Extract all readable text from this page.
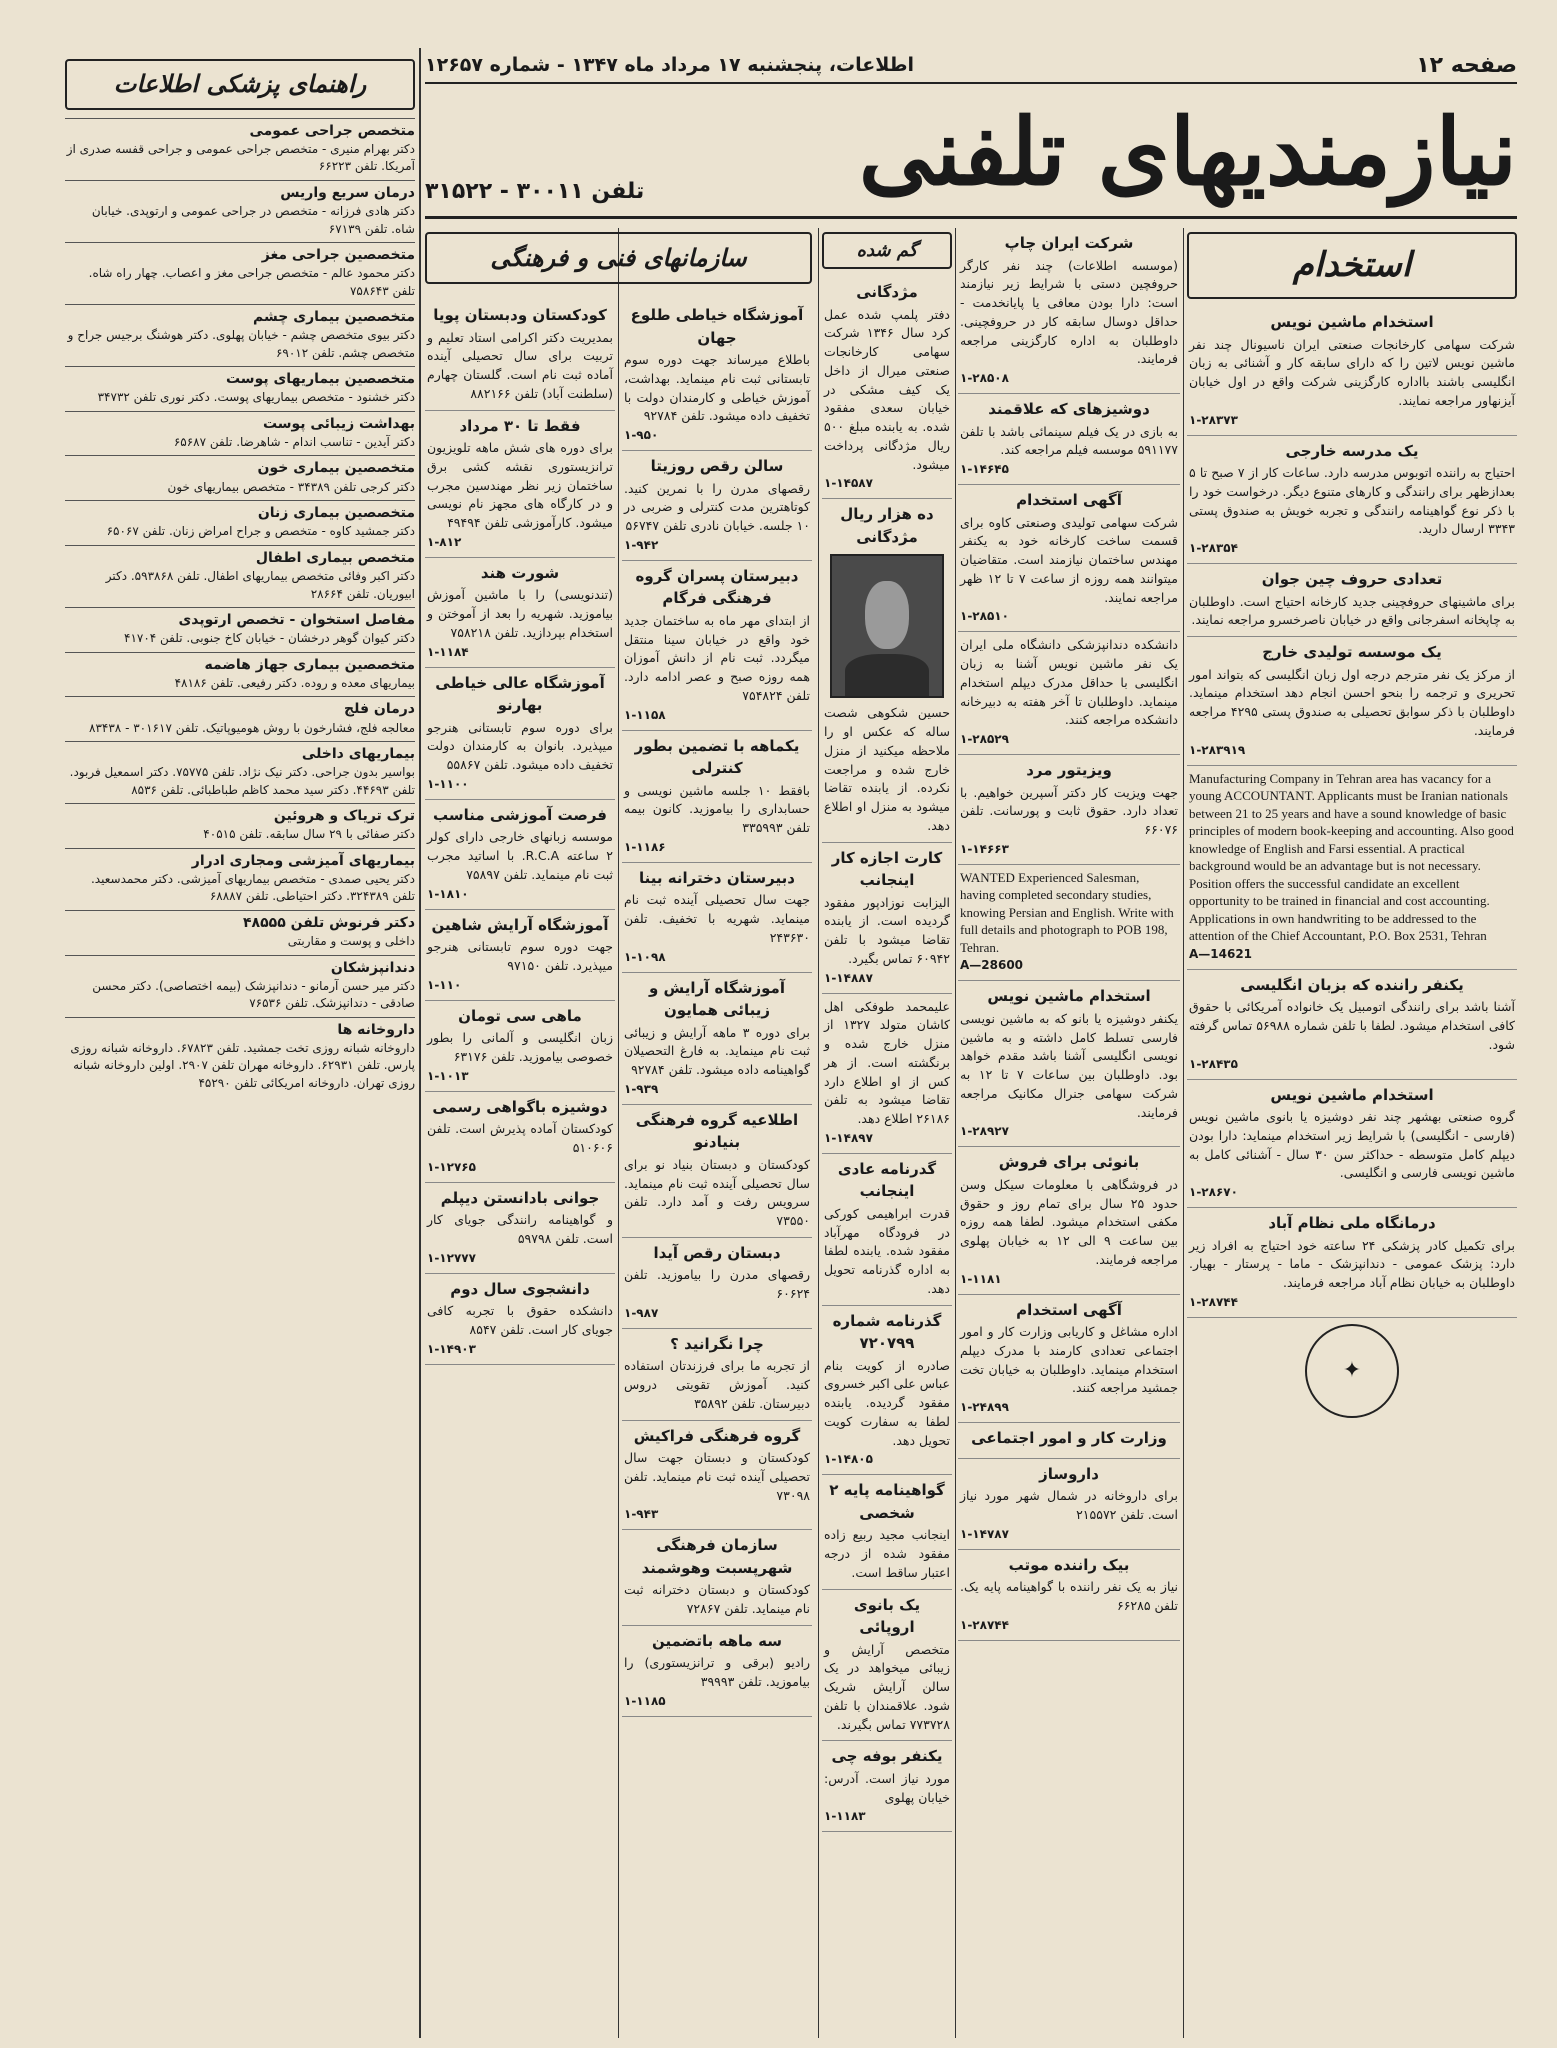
صفحه ۱۲
اطلاعات، پنجشنبه ۱۷ مرداد ماه ۱۳۴۷ - شماره ۱۲۶۵۷
نیازمندیهای تلفنی
تلفن ۳۰۰۱۱ - ۳۱۵۲۲
استخدام
استخدام ماشین نویس

شرکت سهامی کارخانجات صنعتی ایران ناسیونال چند نفر ماشین نویس لاتین را که دارای سابقه کار و آشنائی به زبان انگلیسی باشند بااداره کارگزینی شرکت واقع در اول خیابان آیزنهاور مراجعه نمایند.

۱-۲۸۳۷۳

یک مدرسه خارجی

احتیاج به راننده اتوبوس مدرسه دارد. ساعات کار از ۷ صبح تا ۵ بعدازظهر برای رانندگی و کارهای متنوع دیگر. درخواست خود را با ذکر نوع گواهینامه رانندگی و تجربه خویش به صندوق پستی ۳۳۴۳ ارسال دارید.

۱-۲۸۳۵۴

تعدادی حروف چین جوان

برای ماشینهای حروفچینی جدید کارخانه احتیاج است. داوطلبان به چاپخانه اسفرجانی واقع در خیابان ناصرخسرو مراجعه نمایند.

یک موسسه تولیدی خارج

از مرکز یک نفر مترجم درجه اول زبان انگلیسی که بتواند امور تحریری و ترجمه را بنحو احسن انجام دهد استخدام مینماید. داوطلبان با ذکر سوابق تحصیلی به صندوق پستی ۴۲۹۵ مراجعه فرمایند.

۱-۲۸۳۹۱۹

Manufacturing Company in Tehran area has vacancy for a young ACCOUNTANT. Applicants must be Iranian nationals between 21 to 25 years and have a sound knowledge of basic principles of modern book-keeping and accounting. Also good knowledge of English and Farsi essential. A practical background would be an advantage but is not necessary. Position offers the successful candidate an excellent opportunity to be trained in financial and cost accounting. Applications in own handwriting to be addressed to the attention of the Chief Accountant, P.O. Box 2531, Tehran

A—14621

یکنفر راننده که بزبان انگلیسی

آشنا باشد برای رانندگی اتومبیل یک خانواده آمریکائی با حقوق کافی استخدام میشود. لطفا با تلفن شماره ۵۶۹۸۸ تماس گرفته شود.

۱-۲۸۴۳۵

استخدام ماشین نویس

گروه صنعتی بهشهر چند نفر دوشیزه یا بانوی ماشین نویس (فارسی - انگلیسی) با شرایط زیر استخدام مینماید: دارا بودن دیپلم کامل متوسطه - حداکثر سن ۳۰ سال - آشنائی کامل به ماشین نویسی فارسی و انگلیسی.

۱-۲۸۶۷۰

درمانگاه ملی نظام آباد

برای تکمیل کادر پزشکی ۲۴ ساعته خود احتیاج به افراد زیر دارد: پزشک عمومی - دندانپزشک - ماما - پرستار - بهیار. داوطلبان به خیابان نظام آباد مراجعه فرمایند.

۱-۲۸۷۴۴

✦
شرکت ایران چاپ

(موسسه اطلاعات) چند نفر کارگر حروفچین دستی با شرایط زیر نیازمند است: دارا بودن معافی یا پایانخدمت - حداقل دوسال سابقه کار در حروفچینی. داوطلبان به اداره کارگزینی مراجعه فرمایند.

۱-۲۸۵۰۸

دوشیزهای که علاقمند

به بازی در یک فیلم سینمائی باشد با تلفن ۵۹۱۱۷۷ موسسه فیلم مراجعه کند.

۱-۱۴۶۴۵

آگهی استخدام

شرکت سهامی تولیدی وصنعتی کاوه برای قسمت ساخت کارخانه خود به یکنفر مهندس ساختمان نیازمند است. متقاضیان میتوانند همه روزه از ساعت ۷ تا ۱۲ ظهر مراجعه نمایند.

۱-۲۸۵۱۰

دانشکده دندانپزشکی دانشگاه ملی ایران یک نفر ماشین نویس آشنا به زبان انگلیسی با حداقل مدرک دیپلم استخدام مینماید. داوطلبان تا آخر هفته به دبیرخانه دانشکده مراجعه کنند.

۱-۲۸۵۲۹

ویزیتور مرد

جهت ویزیت کار دکتر آسپرین خواهیم. با تعداد دارد. حقوق ثابت و پورسانت. تلفن ۶۶۰۷۶

۱-۱۴۶۶۳

WANTED Experienced Salesman, having completed secondary studies, knowing Persian and English. Write with full details and photograph to POB 198, Tehran.

A—28600

استخدام ماشین نویس

یکنفر دوشیزه یا بانو که به ماشین نویسی فارسی تسلط کامل داشته و به ماشین نویسی انگلیسی آشنا باشد مقدم خواهد بود. داوطلبان بین ساعات ۷ تا ۱۲ به شرکت سهامی جنرال مکانیک مراجعه فرمایند.

۱-۲۸۹۲۷

بانوئی برای فروش

در فروشگاهی با معلومات سیکل وسن حدود ۲۵ سال برای تمام روز و حقوق مکفی استخدام میشود. لطفا همه روزه بین ساعت ۹ الی ۱۲ به خیابان پهلوی مراجعه فرمایند.

۱-۱۱۸۱

آگهی استخدام

اداره مشاغل و کاریابی وزارت کار و امور اجتماعی تعدادی کارمند با مدرک دیپلم استخدام مینماید. داوطلبان به خیابان تخت جمشید مراجعه کنند.

۱-۲۴۸۹۹

وزارت کار و امور اجتماعی
داروساز

برای داروخانه در شمال شهر مورد نیاز است. تلفن ۲۱۵۵۷۲

۱-۱۴۷۸۷

بیک راننده موتب

نیاز به یک نفر راننده با گواهینامه پایه یک. تلفن ۶۶۲۸۵

۱-۲۸۷۴۴

گم شده
مژدگانی

دفتر پلمپ شده عمل کرد سال ۱۳۴۶ شرکت سهامی کارخانجات صنعتی میرال از داخل یک کیف مشکی در خیابان سعدی مفقود شده. به یابنده مبلغ ۵۰۰ ریال مژدگانی پرداخت میشود.

۱-۱۴۵۸۷

ده هزار ریال مژدگانی

حسین شکوهی شصت ساله که عکس او را ملاحظه میکنید از منزل خارج شده و مراجعت نکرده. از یابنده تقاضا میشود به منزل او اطلاع دهد.

کارت اجازه کار اینجانب

الیزابت نوزادپور مفقود گردیده است. از یابنده تقاضا میشود با تلفن ۶۰۹۴۲ تماس بگیرد.

۱-۱۴۸۸۷

علیمحمد طوفکی اهل کاشان متولد ۱۳۲۷ از منزل خارج شده و برنگشته است. از هر کس از او اطلاع دارد تقاضا میشود به تلفن ۲۶۱۸۶ اطلاع دهد.

۱-۱۴۸۹۷

گدرنامه عادی اینجانب

قدرت ابراهیمی کورکی در فرودگاه مهرآباد مفقود شده. یابنده لطفا به اداره گذرنامه تحویل دهد.

گذرنامه شماره ۷۲۰۷۹۹

صادره از کویت بنام عباس علی اکبر خسروی مفقود گردیده. یابنده لطفا به سفارت کویت تحویل دهد.

۱-۱۴۸۰۵

گواهینامه پایه ۲ شخصی

اینجانب مجید ربیع زاده مفقود شده از درجه اعتبار ساقط است.

یک بانوی اروپائی

متخصص آرایش و زیبائی میخواهد در یک سالن آرایش شریک شود. علاقمندان با تلفن ۷۷۳۷۲۸ تماس بگیرند.

یکنفر بوفه چی

مورد نیاز است. آدرس: خیابان پهلوی

۱-۱۱۸۳

سازمانهای فنی و فرهنگی
آموزشگاه خیاطی طلوع جهان

باطلاع میرساند جهت دوره سوم تابستانی ثبت نام مینماید. بهداشت، آموزش خیاطی و کارمندان دولت با تخفیف داده میشود. تلفن ۹۲۷۸۴

۱-۹۵۰

سالن رقص روزیتا

رقصهای مدرن را با نمرین کنید. کوتاهترین مدت کنترلی و ضربی در ۱۰ جلسه. خیابان نادری تلفن ۵۶۷۴۷

۱-۹۴۲

دبیرستان پسران گروه فرهنگی فرگام

از ابتدای مهر ماه به ساختمان جدید خود واقع در خیابان سینا منتقل میگردد. ثبت نام از دانش آموزان همه روزه صبح و عصر ادامه دارد. تلفن ۷۵۴۸۲۴

۱-۱۱۵۸

یکماهه با تضمین بطور کنترلی

بافقط ۱۰ جلسه ماشین نویسی و حسابداری را بیاموزید. کانون بیمه تلفن ۳۳۵۹۹۳

۱-۱۱۸۶

دبیرستان دخترانه بینا

جهت سال تحصیلی آینده ثبت نام مینماید. شهریه با تخفیف. تلفن ۲۴۳۶۳۰

۱-۱۰۹۸

آموزشگاه آرایش و زیبائی همایون

برای دوره ۳ ماهه آرایش و زیبائی ثبت نام مینماید. به فارغ التحصیلان گواهینامه داده میشود. تلفن ۹۲۷۸۴

۱-۹۳۹

اطلاعیه گروه فرهنگی بنیادنو

کودکستان و دبستان بنیاد نو برای سال تحصیلی آینده ثبت نام مینماید. سرویس رفت و آمد دارد. تلفن ۷۳۵۵۰

دبستان رقص آیدا

رقصهای مدرن را بیاموزید. تلفن ۶۰۶۲۴

۱-۹۸۷

چرا نگرانید ؟

از تجربه ما برای فرزندتان استفاده کنید. آموزش تقویتی دروس دبیرستان. تلفن ۳۵۸۹۲

گروه فرهنگی فراکیش

کودکستان و دبستان جهت سال تحصیلی آینده ثبت نام مینماید. تلفن ۷۳۰۹۸

۱-۹۴۳

سازمان فرهنگی شهرپسبت وهوشمند

کودکستان و دبستان دخترانه ثبت نام مینماید. تلفن ۷۲۸۶۷

سه ماهه باتضمین

رادیو (برقی و ترانزیستوری) را بیاموزید. تلفن ۳۹۹۹۳

۱-۱۱۸۵

کودکستان ودبستان پویا

بمدیریت دکتر اکرامی استاد تعلیم و تربیت برای سال تحصیلی آینده آماده ثبت نام است. گلستان چهارم (سلطنت آباد) تلفن ۸۸۲۱۶۶

فقط تا ۳۰ مرداد

برای دوره های شش ماهه تلویزیون ترانزیستوری نقشه کشی برق ساختمان زیر نظر مهندسین مجرب و در کارگاه های مجهز نام نویسی میشود. کارآموزشی تلفن ۴۹۴۹۴

۱-۸۱۲

شورت هند

(تندنویسی) را با ماشین آموزش بیاموزید. شهریه را بعد از آموختن و استخدام بپردازید. تلفن ۷۵۸۲۱۸

۱-۱۱۸۴

آموزشگاه عالی خیاطی بهارنو

برای دوره سوم تابستانی هنرجو میپذیرد. بانوان به کارمندان دولت تخفیف داده میشود. تلفن ۵۵۸۶۷

۱-۱۱۰۰

فرصت آموزشی مناسب

موسسه زبانهای خارجی دارای کولر ۲ ساعته R.C.A. با اساتید مجرب ثبت نام مینماید. تلفن ۷۵۸۹۷

۱-۱۸۱۰

آموزشگاه آرایش شاهین

جهت دوره سوم تابستانی هنرجو میپذیرد. تلفن ۹۷۱۵۰

۱-۱۱۰

ماهی سی تومان

زبان انگلیسی و آلمانی را بطور خصوصی بیاموزید. تلفن ۶۳۱۷۶

۱-۱۰۱۳

دوشیزه باگواهی رسمی

کودکستان آماده پذیرش است. تلفن ۵۱۰۶۰۶

۱-۱۲۷۶۵

جوانی بادانستن دیپلم

و گواهینامه رانندگی جویای کار است. تلفن ۵۹۷۹۸

۱-۱۲۷۷۷

دانشجوی سال دوم

دانشکده حقوق با تجربه کافی جویای کار است. تلفن ۸۵۴۷

۱-۱۴۹۰۳

راهنمای پزشکی اطلاعات
متخصص جراحی عمومی

دکتر بهرام منیری - متخصص جراحی عمومی و جراحی قفسه صدری از آمریکا. تلفن ۶۶۲۲۳

درمان سریع واریس

دکتر هادی فرزانه - متخصص در جراحی عمومی و ارتوپدی. خیابان شاه. تلفن ۶۷۱۳۹

متخصصین جراحی مغز

دکتر محمود عالم - متخصص جراحی مغز و اعصاب. چهار راه شاه. تلفن ۷۵۸۶۴۳

متخصصین بیماری چشم

دکتر بیوی متخصص چشم - خیابان پهلوی. دکتر هوشنگ برجیس جراح و متخصص چشم. تلفن ۶۹۰۱۲

متخصصین بیماریهای پوست

دکتر خشنود - متخصص بیماریهای پوست. دکتر نوری تلفن ۳۴۷۳۲

بهداشت زیبائی پوست

دکتر آیدین - تناسب اندام - شاهرضا. تلفن ۶۵۶۸۷

متخصصین بیماری خون

دکتر کرجی تلفن ۳۴۳۸۹ - متخصص بیماریهای خون

متخصصین بیماری زنان

دکتر جمشید کاوه - متخصص و جراح امراض زنان. تلفن ۶۵۰۶۷

متخصص بیماری اطفال

دکتر اکبر وفائی متخصص بیماریهای اطفال. تلفن ۵۹۳۸۶۸. دکتر ابیوریان. تلفن ۲۸۶۶۴

مفاصل استخوان - تخصص ارتوپدی

دکتر کیوان گوهر درخشان - خیابان کاخ جنوبی. تلفن ۴۱۷۰۴

متخصصین بیماری جهاز هاضمه

بیماریهای معده و روده. دکتر رفیعی. تلفن ۴۸۱۸۶

درمان فلج

معالجه فلج، فشارخون با روش هومیوپاتیک. تلفن ۳۰۱۶۱۷ - ۸۳۴۳۸

بیماریهای داخلی

بواسیر بدون جراحی. دکتر نیک نژاد. تلفن ۷۵۷۷۵. دکتر اسمعیل فربود. تلفن ۴۴۶۹۳. دکتر سید محمد کاظم طباطبائی. تلفن ۸۵۳۶

ترک تریاک و هروئین

دکتر صفائی با ۲۹ سال سابقه. تلفن ۴۰۵۱۵

بیماریهای آمیزشی ومجاری ادرار

دکتر یحیی صمدی - متخصص بیماریهای آمیزشی. دکتر محمدسعید. تلفن ۳۲۴۳۸۹. دکتر احتیاطی. تلفن ۶۸۸۸۷

دکتر فرنوش تلفن ۴۸۵۵۵

داخلی و پوست و مقاربتی

دندانپزشکان

دکتر میر حسن آرمانو - دندانپزشک (بیمه اختصاصی). دکتر محسن صادقی - دندانپزشک. تلفن ۷۶۵۳۶

داروخانه ها

داروخانه شبانه روزی تخت جمشید. تلفن ۶۷۸۲۳. داروخانه شبانه روزی پارس. تلفن ۶۲۹۳۱. داروخانه مهران تلفن ۲۹۰۷. اولین داروخانه شبانه روزی تهران. داروخانه امریکائی تلفن ۴۵۲۹۰
